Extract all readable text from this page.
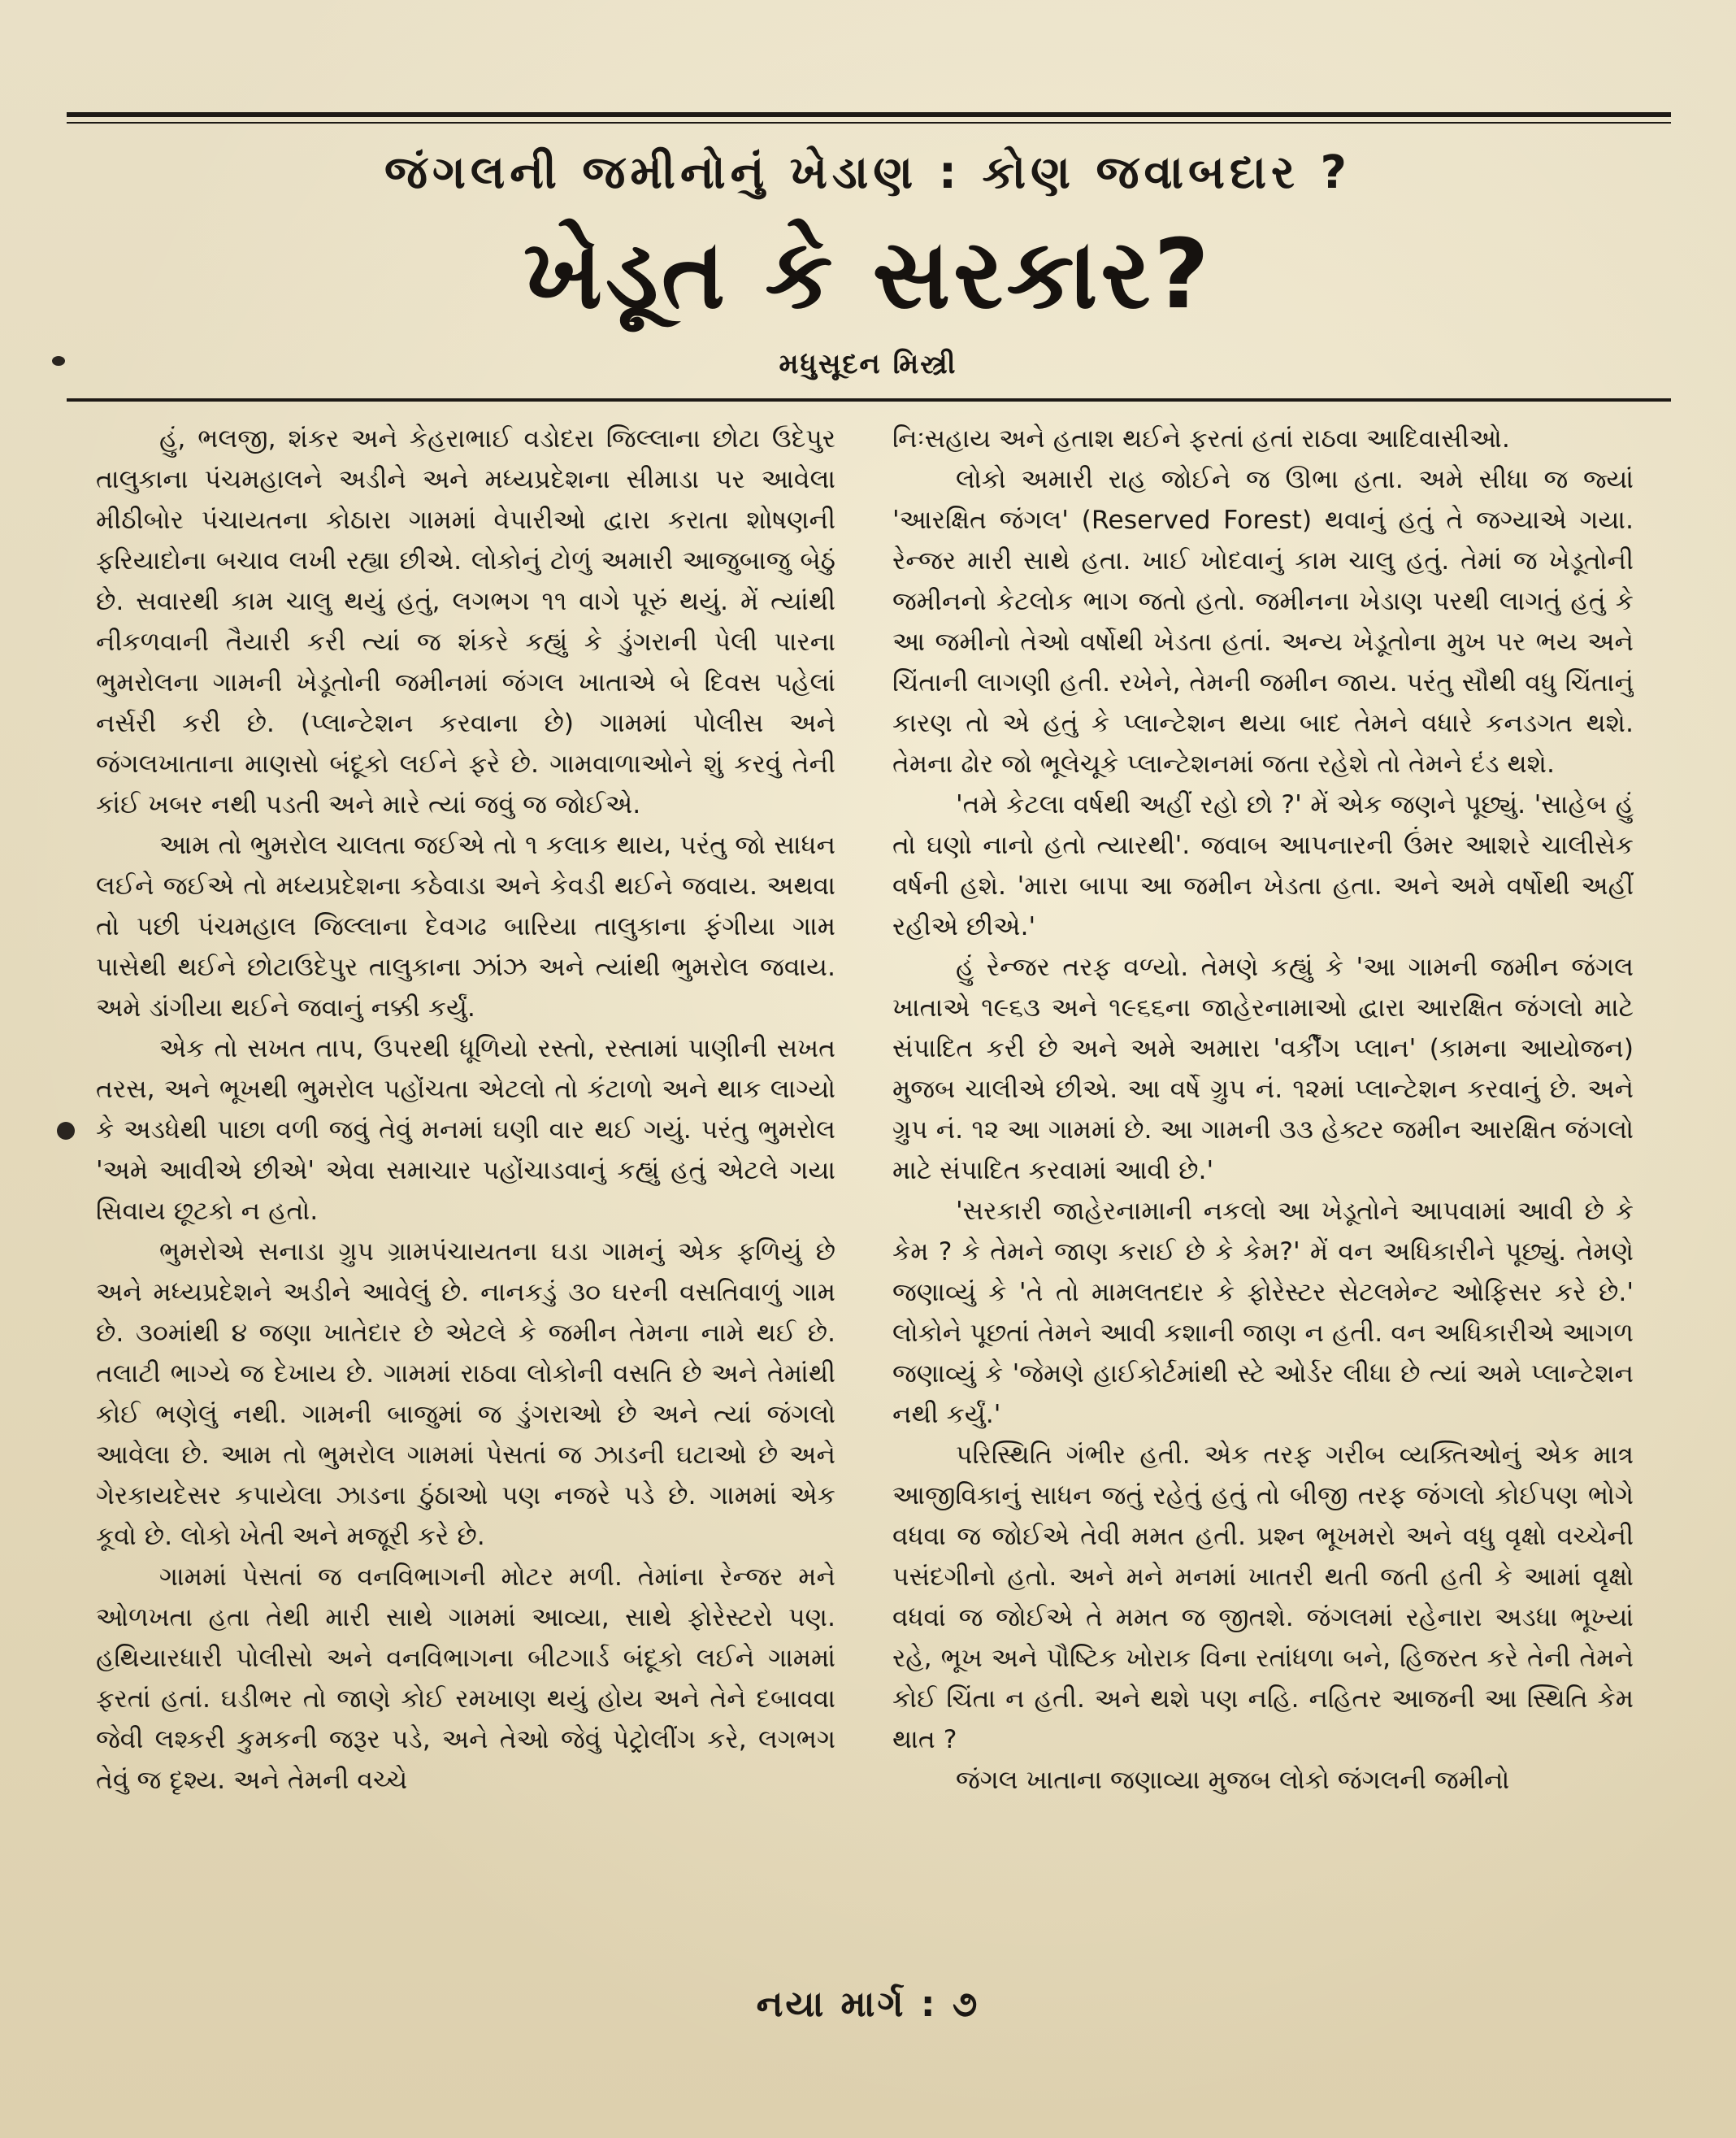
જંગલની જમીનોનું ખેડાણ : કોણ જવાબદાર ?
ખેડૂત કે સરકાર?
મધુસૂદન મિસ્ત્રી

હું, ભલજી, શંકર અને કેહરાભાઈ વડોદરા જિલ્લાના છોટા ઉદેપુર તાલુકાના પંચમહાલને અડીને અને મધ્યપ્રદેશના સીમાડા પર આવેલા મીઠીબોર પંચાયતના કોઠારા ગામમાં વેપારીઓ દ્વારા કરાતા શોષણની ફરિયાદોના બચાવ લખી રહ્યા છીએ. લોકોનું ટોળું અમારી આજુબાજુ બેઠું છે. સવારથી કામ ચાલુ થયું હતું, લગભગ ૧૧ વાગે પૂરું થયું. મેં ત્યાંથી નીકળવાની તૈયારી કરી ત્યાં જ શંકરે કહ્યું કે ડુંગરાની પેલી પારના ભુમરોલના ગામની ખેડૂતોની જમીનમાં જંગલ ખાતાએ બે દિવસ પહેલાં નર્સરી કરી છે. (પ્લાન્ટેશન કરવાના છે) ગામમાં પોલીસ અને જંગલખાતાના માણસો બંદૂકો લઈને ફરે છે. ગામવાળાઓને શું કરવું તેની કાંઈ ખબર નથી પડતી અને મારે ત્યાં જવું જ જોઈએ.

આમ તો ભુમરોલ ચાલતા જઈએ તો ૧ કલાક થાય, પરંતુ જો સાધન લઈને જઈએ તો મધ્યપ્રદેશના કઠેવાડા અને કેવડી થઈને જવાય. અથવા તો પછી પંચમહાલ જિલ્લાના દેવગઢ બારિયા તાલુકાના ફંગીયા ગામ પાસેથી થઈને છોટાઉદેપુર તાલુકાના ઝાંઝ અને ત્યાંથી ભુમરોલ જવાય. અમે ડાંગીયા થઈને જવાનું નક્કી કર્યું.

એક તો સખત તાપ, ઉપરથી ધૂળિયો રસ્તો, રસ્તામાં પાણીની સખત તરસ, અને ભૂખથી ભુમરોલ પહોંચતા એટલો તો કંટાળો અને થાક લાગ્યો કે અડધેથી પાછા વળી જવું તેવું મનમાં ઘણી વાર થઈ ગયું. પરંતુ ભુમરોલ 'અમે આવીએ છીએ' એવા સમાચાર પહોંચાડવાનું કહ્યું હતું એટલે ગયા સિવાય છૂટકો ન હતો.

ભુમરોએ સનાડા ગ્રુપ ગ્રામપંચાયતના ઘડા ગામનું એક ફળિયું છે અને મધ્યપ્રદેશને અડીને આવેલું છે. નાનકડું ૩૦ ઘરની વસતિવાળું ગામ છે. ૩૦માંથી ૪ જણા ખાતેદાર છે એટલે કે જમીન તેમના નામે થઈ છે. તલાટી ભાગ્યે જ દેખાય છે. ગામમાં રાઠવા લોકોની વસતિ છે અને તેમાંથી કોઈ ભણેલું નથી. ગામની બાજુમાં જ ડુંગરાઓ છે અને ત્યાં જંગલો આવેલા છે. આમ તો ભુમરોલ ગામમાં પેસતાં જ ઝાડની ઘટાઓ છે અને ગેરકાયદેસર કપાયેલા ઝાડના ઠુંઠાઓ પણ નજરે પડે છે. ગામમાં એક કૂવો છે. લોકો ખેતી અને મજૂરી કરે છે.

ગામમાં પેસતાં જ વનવિભાગની મોટર મળી. તેમાંના રેન્જર મને ઓળખતા હતા તેથી મારી સાથે ગામમાં આવ્યા, સાથે ફોરેસ્ટરો પણ. હથિયારધારી પોલીસો અને વનવિભાગના બીટગાર્ડ બંદૂકો લઈને ગામમાં ફરતાં હતાં. ઘડીભર તો જાણે કોઈ રમખાણ થયું હોય અને તેને દબાવવા જેવી લશ્કરી કુમકની જરૂર પડે, અને તેઓ જેવું પેટ્રોલીંગ કરે, લગભગ તેવું જ દૃશ્ય. અને તેમની વચ્ચે

નિઃસહાય અને હતાશ થઈને ફરતાં હતાં રાઠવા આદિવાસીઓ.

લોકો અમારી રાહ જોઈને જ ઊભા હતા. અમે સીધા જ જ્યાં 'આરક્ષિત જંગલ' (Reserved Forest) થવાનું હતું તે જગ્યાએ ગયા. રેન્જર મારી સાથે હતા. ખાઈ ખોદવાનું કામ ચાલુ હતું. તેમાં જ ખેડૂતોની જમીનનો કેટલોક ભાગ જતો હતો. જમીનના ખેડાણ પરથી લાગતું હતું કે આ જમીનો તેઓ વર્ષોથી ખેડતા હતાં. અન્ય ખેડૂતોના મુખ પર ભય અને ચિંતાની લાગણી હતી. રખેને, તેમની જમીન જાય. પરંતુ સૌથી વધુ ચિંતાનું કારણ તો એ હતું કે પ્લાન્ટેશન થયા બાદ તેમને વધારે કનડગત થશે. તેમના ઢોર જો ભૂલેચૂકે પ્લાન્ટેશનમાં જતા રહેશે તો તેમને દંડ થશે.

'તમે કેટલા વર્ષથી અહીં રહો છો ?' મેં એક જણને પૂછ્યું. 'સાહેબ હું તો ઘણો નાનો હતો ત્યારથી'. જવાબ આપનારની ઉંમર આશરે ચાલીસેક વર્ષની હશે. 'મારા બાપા આ જમીન ખેડતા હતા. અને અમે વર્ષોથી અહીં રહીએ છીએ.'

હું રેન્જર તરફ વળ્યો. તેમણે કહ્યું કે 'આ ગામની જમીન જંગલ ખાતાએ ૧૯૬૩ અને ૧૯૬૬ના જાહેરનામાઓ દ્વારા આરક્ષિત જંગલો માટે સંપાદિત કરી છે અને અમે અમારા 'વર્કીંગ પ્લાન' (કામના આયોજન) મુજબ ચાલીએ છીએ. આ વર્ષે ગ્રુપ નં. ૧૨માં પ્લાન્ટેશન કરવાનું છે. અને ગ્રુપ નં. ૧૨ આ ગામમાં છે. આ ગામની ૩૩ હેક્ટર જમીન આરક્ષિત જંગલો માટે સંપાદિત કરવામાં આવી છે.'

'સરકારી જાહેરનામાની નકલો આ ખેડૂતોને આપવામાં આવી છે કે કેમ ? કે તેમને જાણ કરાઈ છે કે કેમ?' મેં વન અધિકારીને પૂછ્યું. તેમણે જણાવ્યું કે 'તે તો મામલતદાર કે ફોરેસ્ટર સેટલમેન્ટ ઓફિસર કરે છે.' લોકોને પૂછતાં તેમને આવી કશાની જાણ ન હતી. વન અધિકારીએ આગળ જણાવ્યું કે 'જેમણે હાઈકોર્ટમાંથી સ્ટે ઓર્ડર લીધા છે ત્યાં અમે પ્લાન્ટેશન નથી કર્યું.'

પરિસ્થિતિ ગંભીર હતી. એક તરફ ગરીબ વ્યક્તિઓનું એક માત્ર આજીવિકાનું સાધન જતું રહેતું હતું તો બીજી તરફ જંગલો કોઈપણ ભોગે વધવા જ જોઈએ તેવી મમત હતી. પ્રશ્ન ભૂખમરો અને વધુ વૃક્ષો વચ્ચેની પસંદગીનો હતો. અને મને મનમાં ખાતરી થતી જતી હતી કે આમાં વૃક્ષો વધવાં જ જોઈએ તે મમત જ જીતશે. જંગલમાં રહેનારા અડધા ભૂખ્યાં રહે, ભૂખ અને પૌષ્ટિક ખોરાક વિના રતાંધળા બને, હિજરત કરે તેની તેમને કોઈ ચિંતા ન હતી. અને થશે પણ નહિ. નહિતર આજની આ સ્થિતિ કેમ થાત ?

જંગલ ખાતાના જણાવ્યા મુજબ લોકો જંગલની જમીનો

નયા માર્ગ : ૭
